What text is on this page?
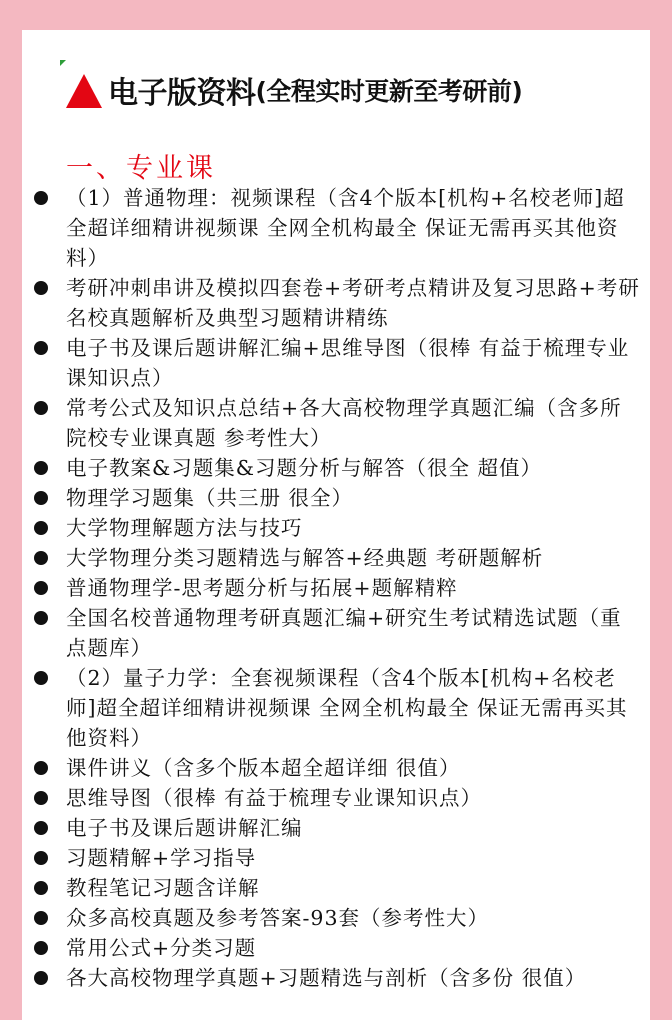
电子版资料 (全程实时更新至考研前)
一、专业课
（1）普通物理：视频课程（含4个版本[机构+名校老师]超全超详细精讲视频课 全网全机构最全 保证无需再买其他资料）
考研冲刺串讲及模拟四套卷+考研考点精讲及复习思路+考研名校真题解析及典型习题精讲精练
电子书及课后题讲解汇编+思维导图（很棒 有益于梳理专业课知识点）
常考公式及知识点总结+各大高校物理学真题汇编（含多所院校专业课真题 参考性大）
电子教案&习题集&习题分析与解答（很全 超值）
物理学习题集（共三册 很全）
大学物理解题方法与技巧
大学物理分类习题精选与解答+经典题 考研题解析
普通物理学-思考题分析与拓展+题解精粹
全国名校普通物理考研真题汇编+研究生考试精选试题（重点题库）
（2）量子力学：全套视频课程（含4个版本[机构+名校老师]超全超详细精讲视频课 全网全机构最全 保证无需再买其他资料）
课件讲义（含多个版本超全超详细 很值）
思维导图（很棒 有益于梳理专业课知识点）
电子书及课后题讲解汇编
习题精解+学习指导
教程笔记习题含详解
众多高校真题及参考答案-93套（参考性大）
常用公式+分类习题
各大高校物理学真题+习题精选与剖析（含多份 很值）
